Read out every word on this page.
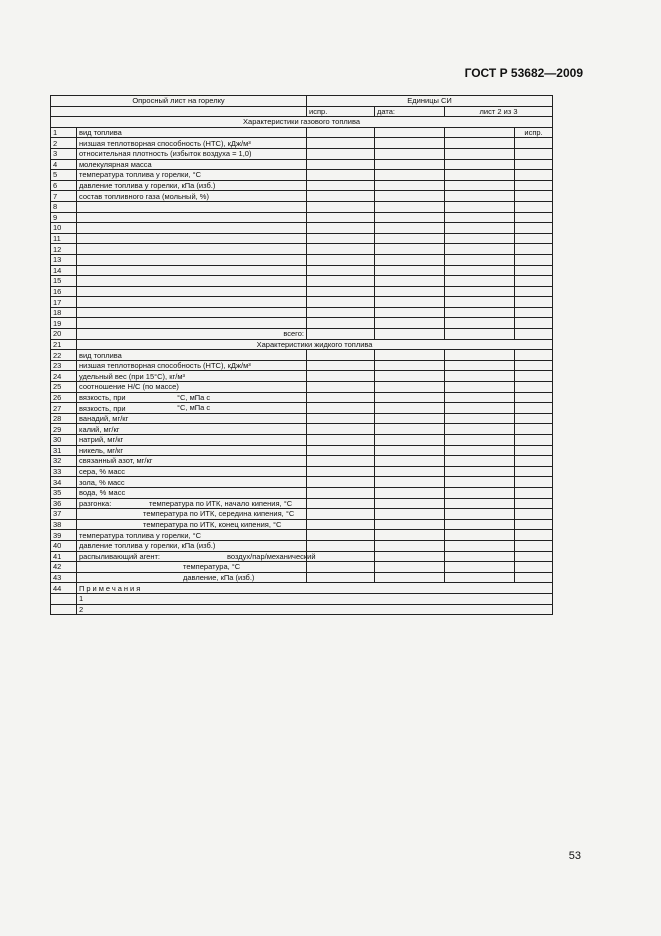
ГОСТ Р 53682—2009
Опросный лист на горелку		Единицы СИ			
		испр.	дата:	лист 2 из 3	
Характеристики газового топлива					
1	вид топлива				испр.
2	низшая теплотворная способность (НТС), кДж/м³				
3	относительная плотность (избыток воздуха = 1,0)				
4	молекулярная масса				
5	температура топлива у горелки, °С				
6	давление топлива у горелки, кПа (изб.)				
7	состав топливного газа (мольный, %)				
8					
9					
10					
11					
12					
13					
14					
15					
16					
17					
18					
19					
20	всего:				
21	Характеристики жидкого топлива				
22	вид топлива				
23	низшая теплотворная способность (НТС), кДж/м³				
24	удельный вес (при 15°С), кг/м³				
25	соотношение Н/С (по массе)				
26	вязкость, при °С, мПа с				

27	вязкость, при °С, мПа с				

28	ванадий, мг/кг				
29	калий, мг/кг				
30	натрий, мг/кг				
31	никель, мг/кг				
32	связанный азот, мг/кг				
33	сера, % масс				
34	зола, % масс				
35	вода, % масс				
36	разгонка: температура по ИТК, начало кипения, °С				

37	температура по ИТК, середина кипения, °С				

38	температура по ИТК, конец кипения, °С				

39	температура топлива у горелки, °С				
40	давление топлива у горелки, кПа (изб.)				
41	распыливающий агент: воздух/пар/механический				

42	температура, °С				

43	давление, кПа (изб.)				

44	Примечания				
	1				
	2				
53
